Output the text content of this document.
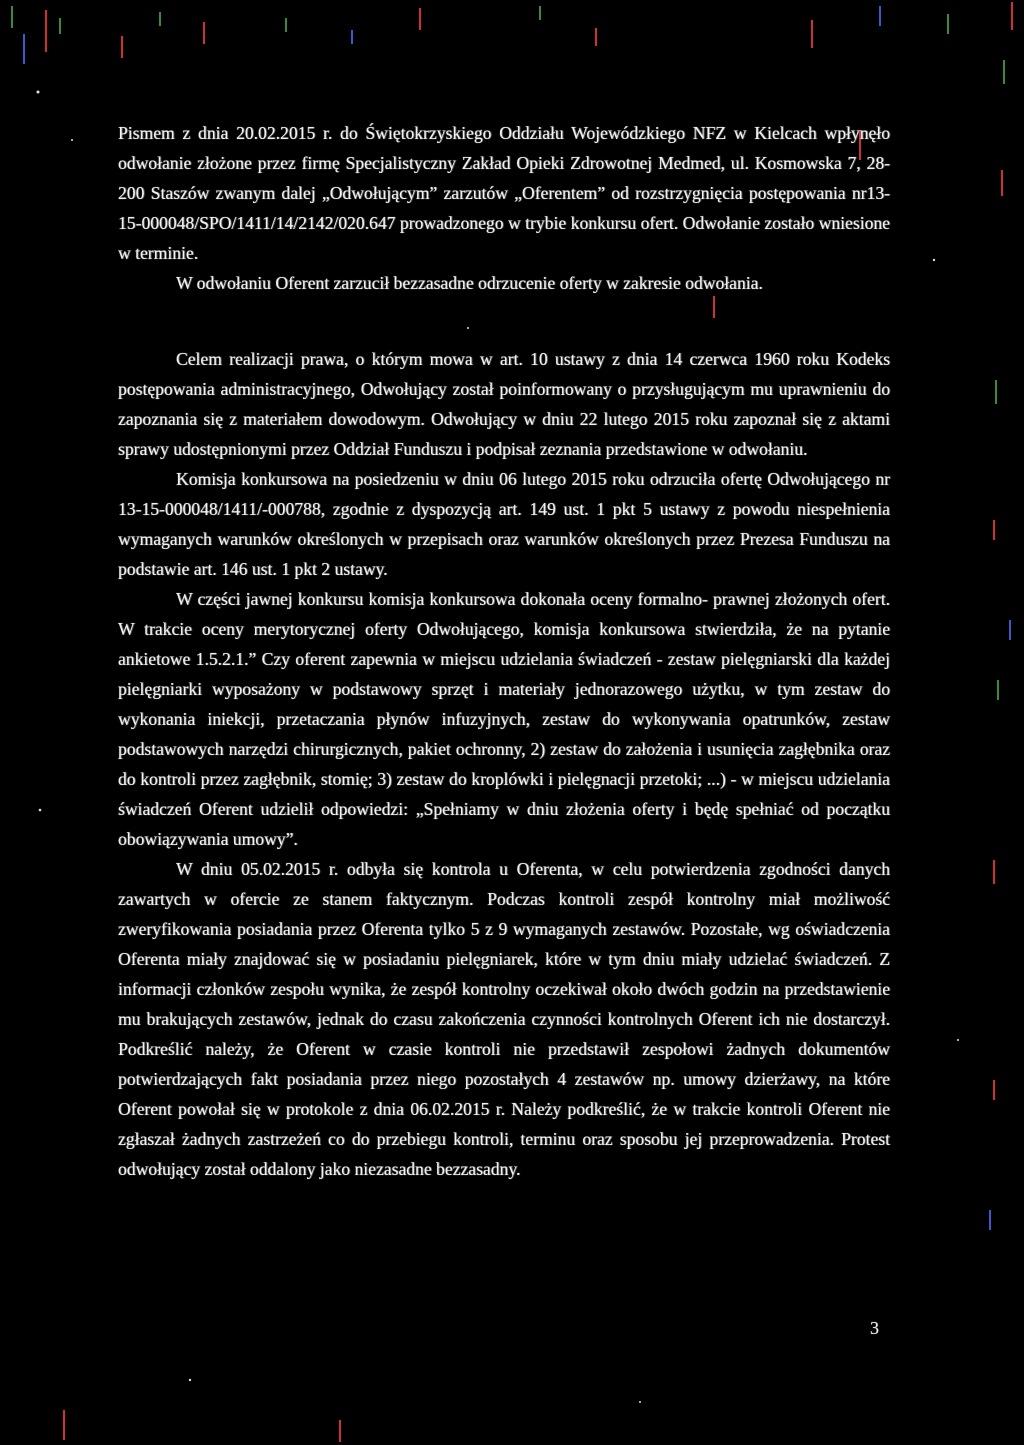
Pismem z dnia 20.02.2015 r. do Świętokrzyskiego Oddziału Wojewódzkiego NFZ w Kielcach wpłynęło odwołanie złożone przez firmę Specjalistyczny Zakład Opieki Zdrowotnej Medmed, ul. Kosmowska 7, 28-200 Staszów zwanym dalej „Odwołującym” zarzutów „Oferentem” od rozstrzygnięcia postępowania nr13-15-000048/SPO/1411/14/2142/020.647 prowadzonego w trybie konkursu ofert. Odwołanie zostało wniesione w terminie.

W odwołaniu Oferent zarzucił bezzasadne odrzucenie oferty w zakresie odwołania.

Celem realizacji prawa, o którym mowa w art. 10 ustawy z dnia 14 czerwca 1960 roku Kodeks postępowania administracyjnego, Odwołujący został poinformowany o przysługującym mu uprawnieniu do zapoznania się z materiałem dowodowym. Odwołujący w dniu 22 lutego 2015 roku zapoznał się z aktami sprawy udostępnionymi przez Oddział Funduszu i podpisał zeznania przedstawione w odwołaniu.

Komisja konkursowa na posiedzeniu w dniu 06 lutego 2015 roku odrzuciła ofertę Odwołującego nr 13-15-000048/1411/-000788, zgodnie z dyspozycją art. 149 ust. 1 pkt 5 ustawy z powodu niespełnienia wymaganych warunków określonych w przepisach oraz warunków określonych przez Prezesa Funduszu na podstawie art. 146 ust. 1 pkt 2 ustawy.

W części jawnej konkursu komisja konkursowa dokonała oceny formalno- prawnej złożonych ofert. W trakcie oceny merytorycznej oferty Odwołującego, komisja konkursowa stwierdziła, że na pytanie ankietowe 1.5.2.1.” Czy oferent zapewnia w miejscu udzielania świadczeń - zestaw pielęgniarski dla każdej pielęgniarki wyposażony w podstawowy sprzęt i materiały jednorazowego użytku, w tym zestaw do wykonania iniekcji, przetaczania płynów infuzyjnych, zestaw do wykonywania opatrunków, zestaw podstawowych narzędzi chirurgicznych, pakiet ochronny, 2) zestaw do założenia i usunięcia zagłębnika oraz do kontroli przez zagłębnik, stomię; 3) zestaw do kroplówki i pielęgnacji przetoki; ...) - w miejscu udzielania świadczeń Oferent udzielił odpowiedzi: „Spełniamy w dniu złożenia oferty i będę spełniać od początku obowiązywania umowy”.

W dniu 05.02.2015 r. odbyła się kontrola u Oferenta, w celu potwierdzenia zgodności danych zawartych w ofercie ze stanem faktycznym. Podczas kontroli zespół kontrolny miał możliwość zweryfikowania posiadania przez Oferenta tylko 5 z 9 wymaganych zestawów. Pozostałe, wg oświadczenia Oferenta miały znajdować się w posiadaniu pielęgniarek, które w tym dniu miały udzielać świadczeń. Z informacji członków zespołu wynika, że zespół kontrolny oczekiwał około dwóch godzin na przedstawienie mu brakujących zestawów, jednak do czasu zakończenia czynności kontrolnych Oferent ich nie dostarczył. Podkreślić należy, że Oferent w czasie kontroli nie przedstawił zespołowi żadnych dokumentów potwierdzających fakt posiadania przez niego pozostałych 4 zestawów np. umowy dzierżawy, na które Oferent powołał się w protokole z dnia 06.02.2015 r. Należy podkreślić, że w trakcie kontroli Oferent nie zgłaszał żadnych zastrzeżeń co do przebiegu kontroli, terminu oraz sposobu jej przeprowadzenia. Protest odwołujący został oddalony jako niezasadne bezzasadny.

3
